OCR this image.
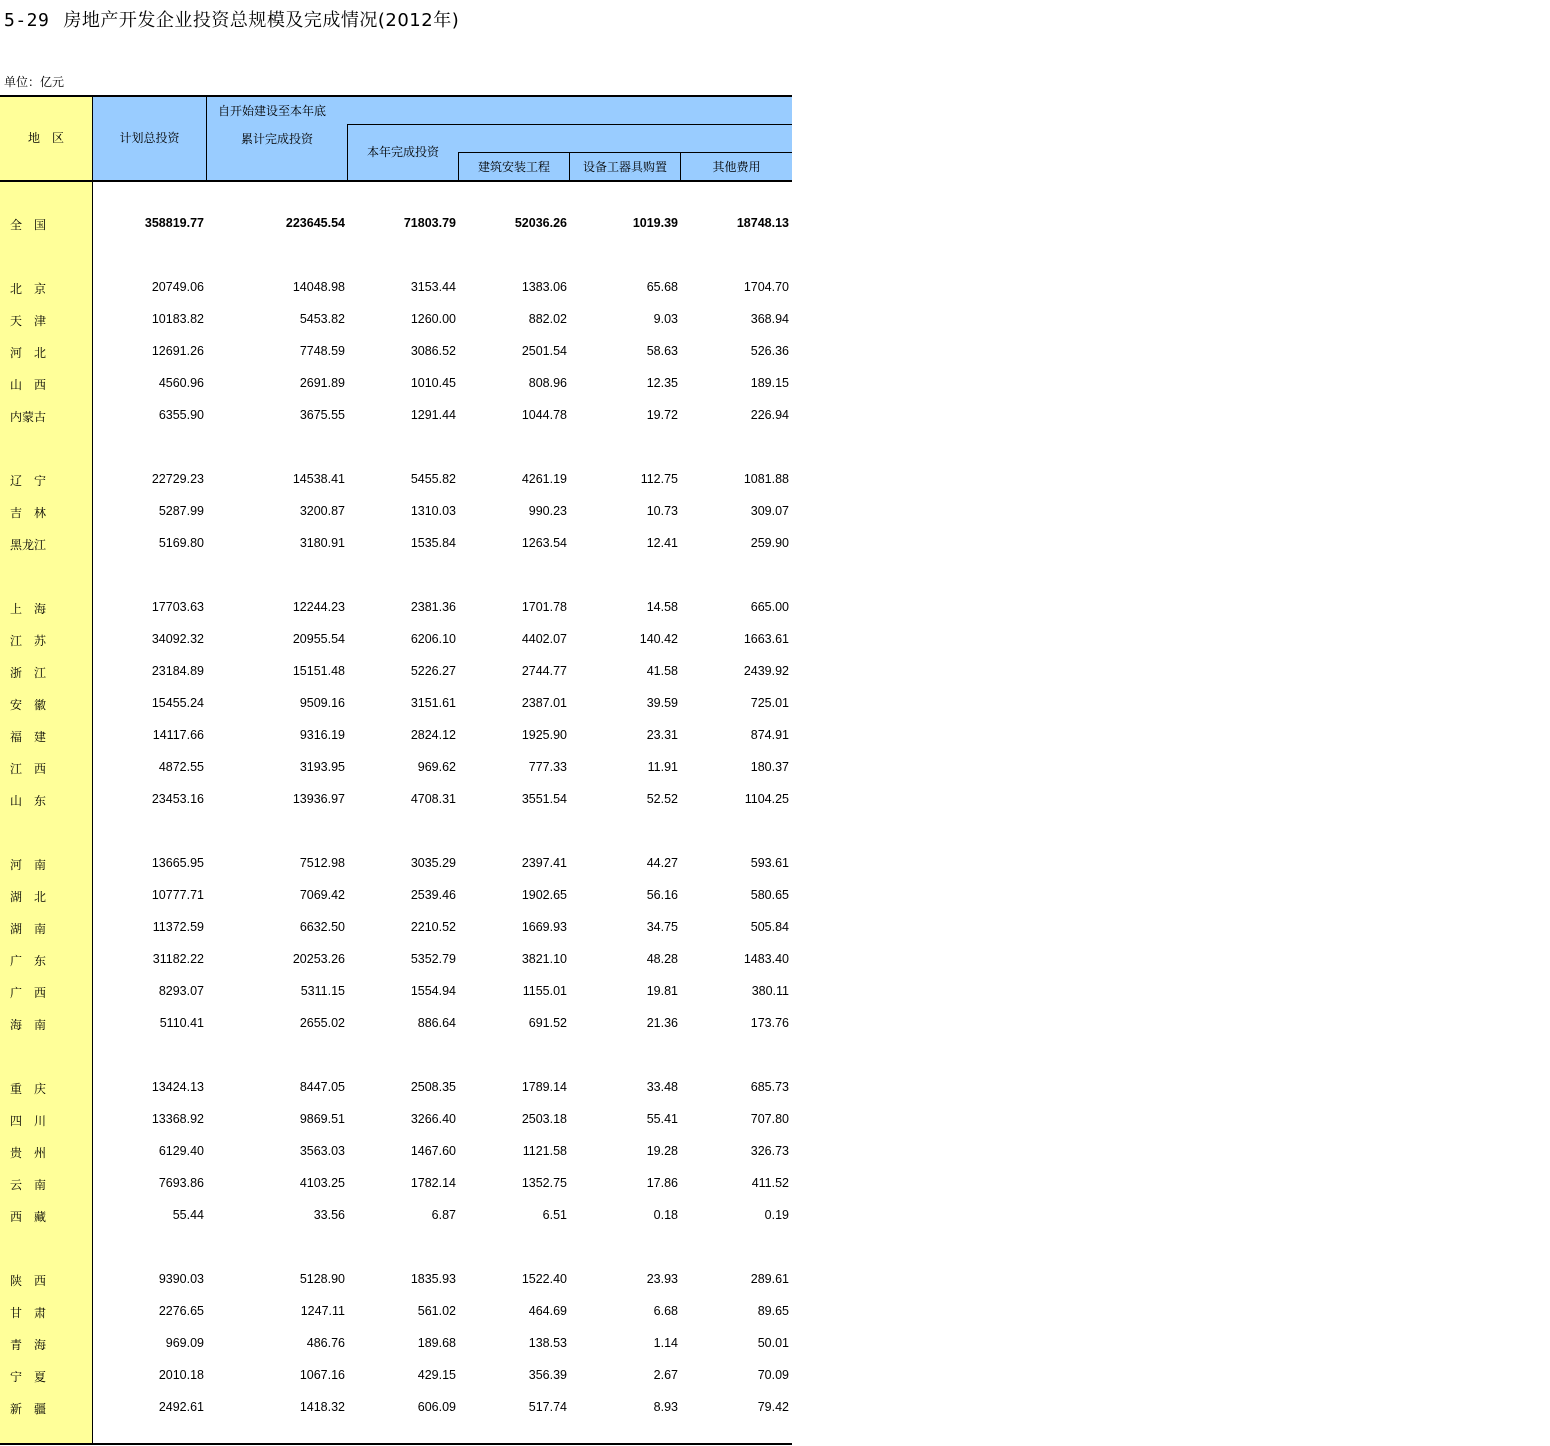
5-29 房地产开发企业投资总规模及完成情况(2012年)
单位：亿元
地　区	计划总投资
自开始建设至本年底
累计完成投资
本年完成投资
建筑安装工程	设备工器具购置	其他费用
全　国	358819.77	223645.54	71803.79	52036.26	1019.39	18748.13
北　京	20749.06	14048.98	3153.44	1383.06	65.68	1704.70
天　津	10183.82	5453.82	1260.00	882.02	9.03	368.94
河　北	12691.26	7748.59	3086.52	2501.54	58.63	526.36
山　西	4560.96	2691.89	1010.45	808.96	12.35	189.15
内蒙古	6355.90	3675.55	1291.44	1044.78	19.72	226.94
辽　宁	22729.23	14538.41	5455.82	4261.19	112.75	1081.88
吉　林	5287.99	3200.87	1310.03	990.23	10.73	309.07
黑龙江	5169.80	3180.91	1535.84	1263.54	12.41	259.90
上　海	17703.63	12244.23	2381.36	1701.78	14.58	665.00
江　苏	34092.32	20955.54	6206.10	4402.07	140.42	1663.61
浙　江	23184.89	15151.48	5226.27	2744.77	41.58	2439.92
安　徽	15455.24	9509.16	3151.61	2387.01	39.59	725.01
福　建	14117.66	9316.19	2824.12	1925.90	23.31	874.91
江　西	4872.55	3193.95	969.62	777.33	11.91	180.37
山　东	23453.16	13936.97	4708.31	3551.54	52.52	1104.25
河　南	13665.95	7512.98	3035.29	2397.41	44.27	593.61
湖　北	10777.71	7069.42	2539.46	1902.65	56.16	580.65
湖　南	11372.59	6632.50	2210.52	1669.93	34.75	505.84
广　东	31182.22	20253.26	5352.79	3821.10	48.28	1483.40
广　西	8293.07	5311.15	1554.94	1155.01	19.81	380.11
海　南	5110.41	2655.02	886.64	691.52	21.36	173.76
重　庆	13424.13	8447.05	2508.35	1789.14	33.48	685.73
四　川	13368.92	9869.51	3266.40	2503.18	55.41	707.80
贵　州	6129.40	3563.03	1467.60	1121.58	19.28	326.73
云　南	7693.86	4103.25	1782.14	1352.75	17.86	411.52
西　藏	55.44	33.56	6.87	6.51	0.18	0.19
陕　西	9390.03	5128.90	1835.93	1522.40	23.93	289.61
甘　肃	2276.65	1247.11	561.02	464.69	6.68	89.65
青　海	969.09	486.76	189.68	138.53	1.14	50.01
宁　夏	2010.18	1067.16	429.15	356.39	2.67	70.09
新　疆	2492.61	1418.32	606.09	517.74	8.93	79.42
